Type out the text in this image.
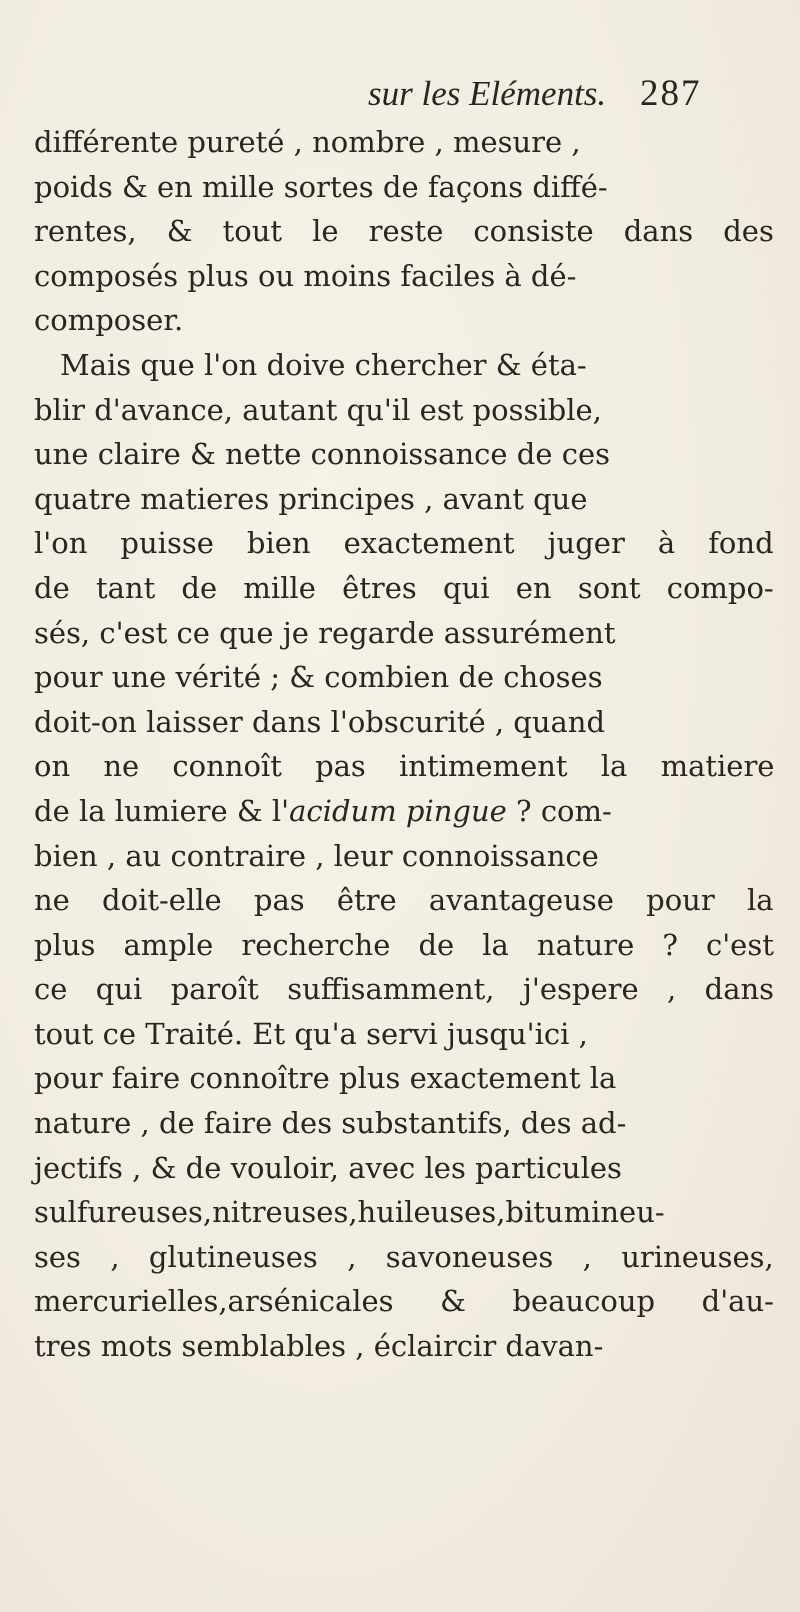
sur les Eléments. 287
différente pureté , nombre , mesure ,
poids & en mille sortes de façons diffé-
rentes, & tout le reste consiste dans des
composés plus ou moins faciles à dé-
composer.
Mais que l'on doive chercher & éta-
blir d'avance, autant qu'il est possible,
une claire & nette connoissance de ces
quatre matieres principes , avant que
l'on puisse bien exactement juger à fond
de tant de mille êtres qui en sont compo-
sés, c'est ce que je regarde assurément
pour une vérité ; & combien de choses
doit-on laisser dans l'obscurité , quand
on ne connoît pas intimement la matiere
de la lumiere & l'acidum pingue ? com-
bien , au contraire , leur connoissance
ne doit-elle pas être avantageuse pour la
plus ample recherche de la nature ? c'est
ce qui paroît suffisamment, j'espere , dans
tout ce Traité. Et qu'a servi jusqu'ici ,
pour faire connoître plus exactement la
nature , de faire des substantifs, des ad-
jectifs , & de vouloir, avec les particules
sulfureuses,nitreuses,huileuses,bitumineu-
ses , glutineuses , savoneuses , urineuses,
mercurielles,arsénicales & beaucoup d'au-
tres mots semblables , éclaircir davan-
